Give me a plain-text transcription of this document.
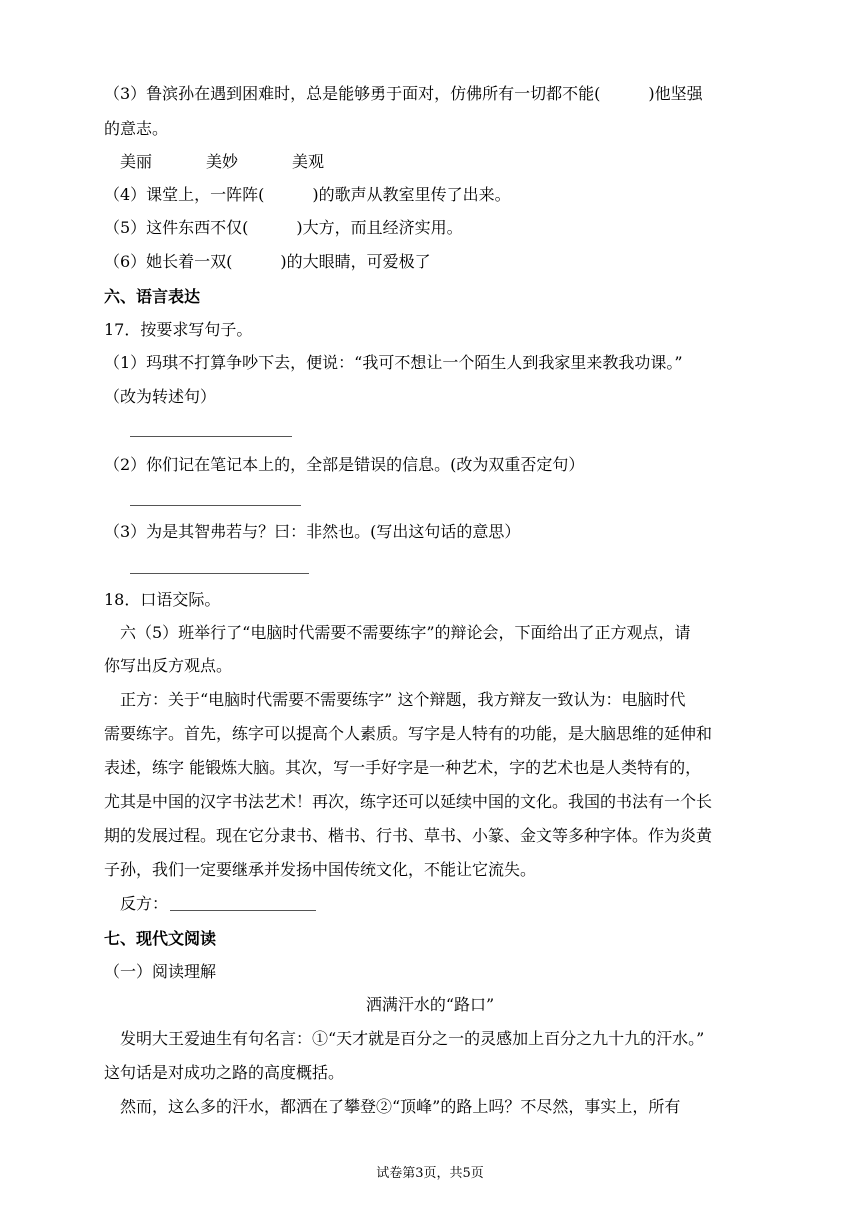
（3）鲁滨孙在遇到困难时，总是能够勇于面对，仿佛所有一切都不能(　　　)他坚强
的意志。
美丽	美妙	美观
（4）课堂上，一阵阵(　　　)的歌声从教室里传了出来。
（5）这件东西不仅(　　　)大方，而且经济实用。
（6）她长着一双(　　　)的大眼睛，可爱极了
六、语言表达
17．按要求写句子。
（1）玛琪不打算争吵下去，便说：“我可不想让一个陌生人到我家里来教我功课。”
（改为转述句）
（2）你们记在笔记本上的，全部是错误的信息。(改为双重否定句）
（3）为是其智弗若与？曰：非然也。(写出这句话的意思）
18．口语交际。
六（5）班举行了“电脑时代需要不需要练字”的辩论会，下面给出了正方观点，请
你写出反方观点。
正方：关于“电脑时代需要不需要练字” 这个辩题，我方辩友一致认为：电脑时代
需要练字。首先，练字可以提高个人素质。写字是人特有的功能，是大脑思维的延伸和
表述，练字 能锻炼大脑。其次，写一手好字是一种艺术，字的艺术也是人类特有的，
尤其是中国的汉字书法艺术！再次，练字还可以延续中国的文化。我国的书法有一个长
期的发展过程。现在它分隶书、楷书、行书、草书、小篆、金文等多种字体。作为炎黄
子孙，我们一定要继承并发扬中国传统文化，不能让它流失。
反方：
七、现代文阅读
（一）阅读理解
洒满汗水的“路口”
发明大王爱迪生有句名言：①“天才就是百分之一的灵感加上百分之九十九的汗水。”
这句话是对成功之路的高度概括。
然而，这么多的汗水，都洒在了攀登②“顶峰”的路上吗？不尽然，事实上，所有
试卷第3页，共5页
